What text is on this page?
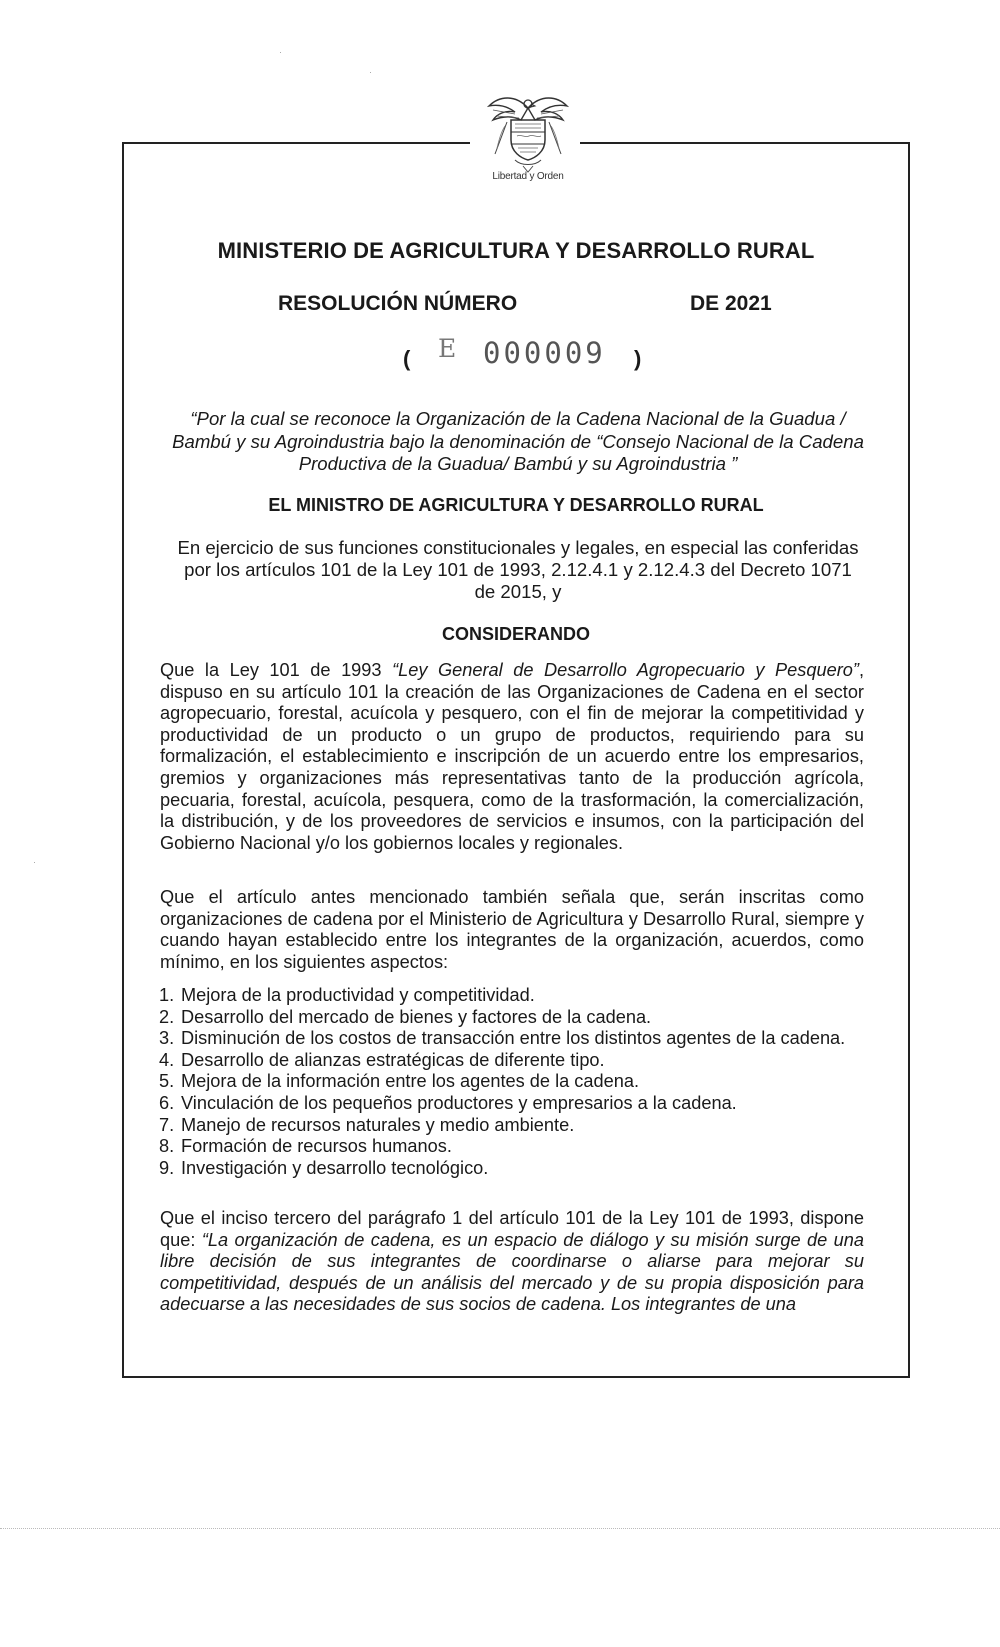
Libertad y Orden
MINISTERIO DE AGRICULTURA Y DESARROLLO RURAL
RESOLUCIÓN NÚMERO	DE 2021
( E 000009 )
“Por la cual se reconoce la Organización de la Cadena Nacional de la Guadua / Bambú y su Agroindustria bajo la denominación de “Consejo Nacional de la Cadena Productiva de la Guadua/ Bambú y su Agroindustria ”
EL MINISTRO DE AGRICULTURA Y DESARROLLO RURAL
En ejercicio de sus funciones constitucionales y legales, en especial las conferidas por los artículos 101 de la Ley 101 de 1993, 2.12.4.1 y 2.12.4.3 del Decreto 1071 de 2015, y
CONSIDERANDO
Que la Ley 101 de 1993 “Ley General de Desarrollo Agropecuario y Pesquero”, dispuso en su artículo 101 la creación de las Organizaciones de Cadena en el sector agropecuario, forestal, acuícola y pesquero, con el fin de mejorar la competitividad y productividad de un producto o un grupo de productos, requiriendo para su formalización, el establecimiento e inscripción de un acuerdo entre los empresarios, gremios y organizaciones más representativas tanto de la producción agrícola, pecuaria, forestal, acuícola, pesquera, como de la trasformación, la comercialización, la distribución, y de los proveedores de servicios e insumos, con la participación del Gobierno Nacional y/o los gobiernos locales y regionales.
Que el artículo antes mencionado también señala que, serán inscritas como organizaciones de cadena por el Ministerio de Agricultura y Desarrollo Rural, siempre y cuando hayan establecido entre los integrantes de la organización, acuerdos, como mínimo, en los siguientes aspectos:
1. Mejora de la productividad y competitividad.
2. Desarrollo del mercado de bienes y factores de la cadena.
3. Disminución de los costos de transacción entre los distintos agentes de la cadena.
4. Desarrollo de alianzas estratégicas de diferente tipo.
5. Mejora de la información entre los agentes de la cadena.
6. Vinculación de los pequeños productores y empresarios a la cadena.
7. Manejo de recursos naturales y medio ambiente.
8. Formación de recursos humanos.
9. Investigación y desarrollo tecnológico.
Que el inciso tercero del parágrafo 1 del artículo 101 de la Ley 101 de 1993, dispone que: “La organización de cadena, es un espacio de diálogo y su misión surge de una libre decisión de sus integrantes de coordinarse o aliarse para mejorar su competitividad, después de un análisis del mercado y de su propia disposición para adecuarse a las necesidades de sus socios de cadena. Los integrantes de una
